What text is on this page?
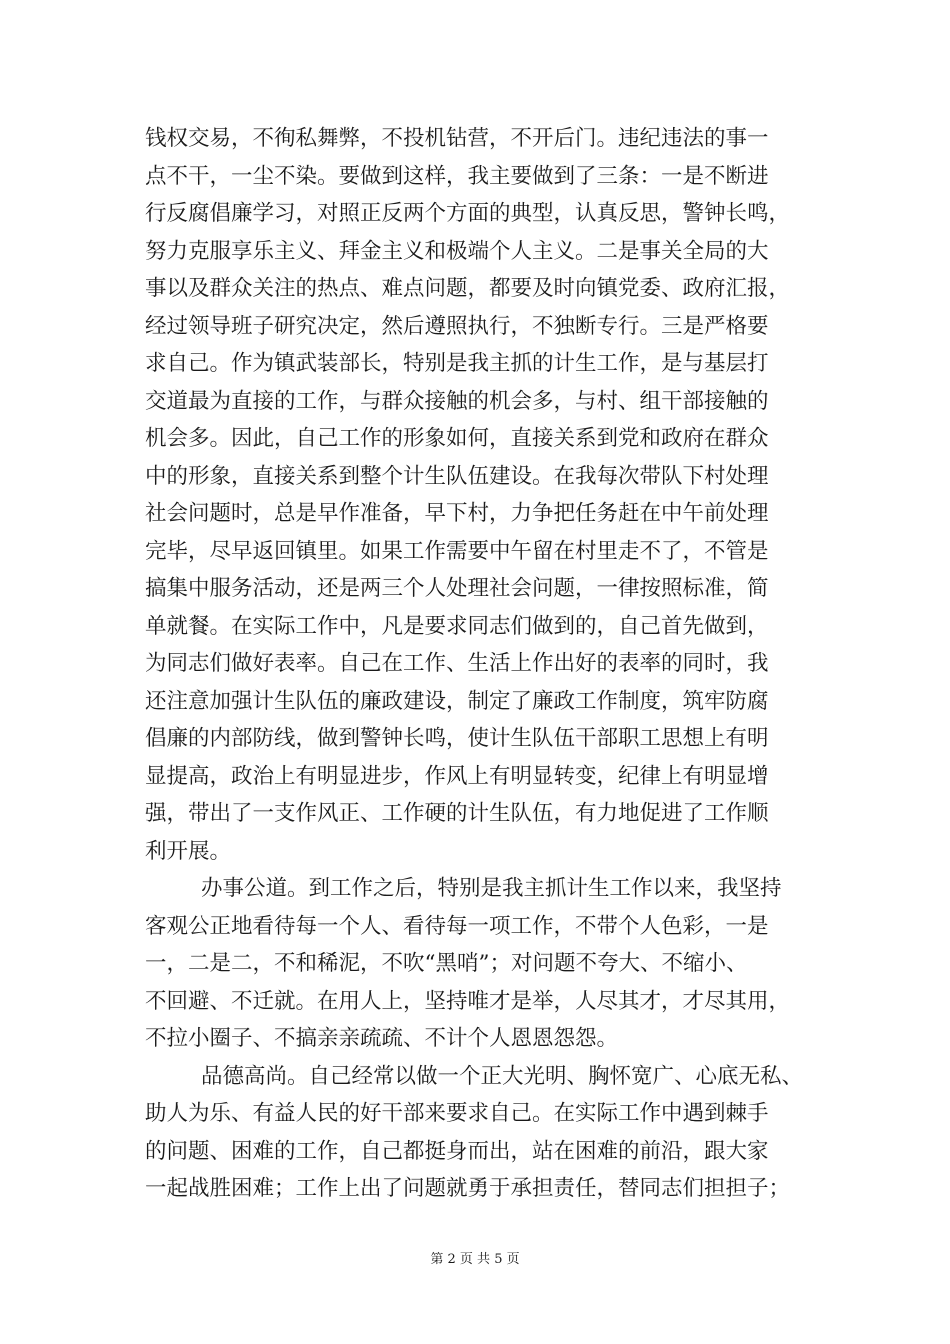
钱权交易，不徇私舞弊，不投机钻营，不开后门。违纪违法的事一
点不干，一尘不染。要做到这样，我主要做到了三条：一是不断进
行反腐倡廉学习，对照正反两个方面的典型，认真反思，警钟长鸣，
努力克服享乐主义、拜金主义和极端个人主义。二是事关全局的大
事以及群众关注的热点、难点问题，都要及时向镇党委、政府汇报，
经过领导班子研究决定，然后遵照执行，不独断专行。三是严格要
求自己。作为镇武装部长，特别是我主抓的计生工作，是与基层打
交道最为直接的工作，与群众接触的机会多，与村、组干部接触的
机会多。因此，自己工作的形象如何，直接关系到党和政府在群众
中的形象，直接关系到整个计生队伍建设。在我每次带队下村处理
社会问题时，总是早作准备，早下村，力争把任务赶在中午前处理
完毕，尽早返回镇里。如果工作需要中午留在村里走不了，不管是
搞集中服务活动，还是两三个人处理社会问题，一律按照标准，简
单就餐。在实际工作中，凡是要求同志们做到的，自己首先做到，
为同志们做好表率。自己在工作、生活上作出好的表率的同时，我
还注意加强计生队伍的廉政建设，制定了廉政工作制度，筑牢防腐
倡廉的内部防线，做到警钟长鸣，使计生队伍干部职工思想上有明
显提高，政治上有明显进步，作风上有明显转变，纪律上有明显增
强，带出了一支作风正、工作硬的计生队伍，有力地促进了工作顺
利开展。
办事公道。到工作之后，特别是我主抓计生工作以来，我坚持
客观公正地看待每一个人、看待每一项工作，不带个人色彩，一是
一，二是二，不和稀泥，不吹“黑哨”；对问题不夸大、不缩小、
不回避、不迁就。在用人上，坚持唯才是举，人尽其才，才尽其用，
不拉小圈子、不搞亲亲疏疏、不计个人恩恩怨怨。
品德高尚。自己经常以做一个正大光明、胸怀宽广、心底无私、
助人为乐、有益人民的好干部来要求自己。在实际工作中遇到棘手
的问题、困难的工作，自己都挺身而出，站在困难的前沿，跟大家
一起战胜困难；工作上出了问题就勇于承担责任，替同志们担担子；
第 2 页 共 5 页
